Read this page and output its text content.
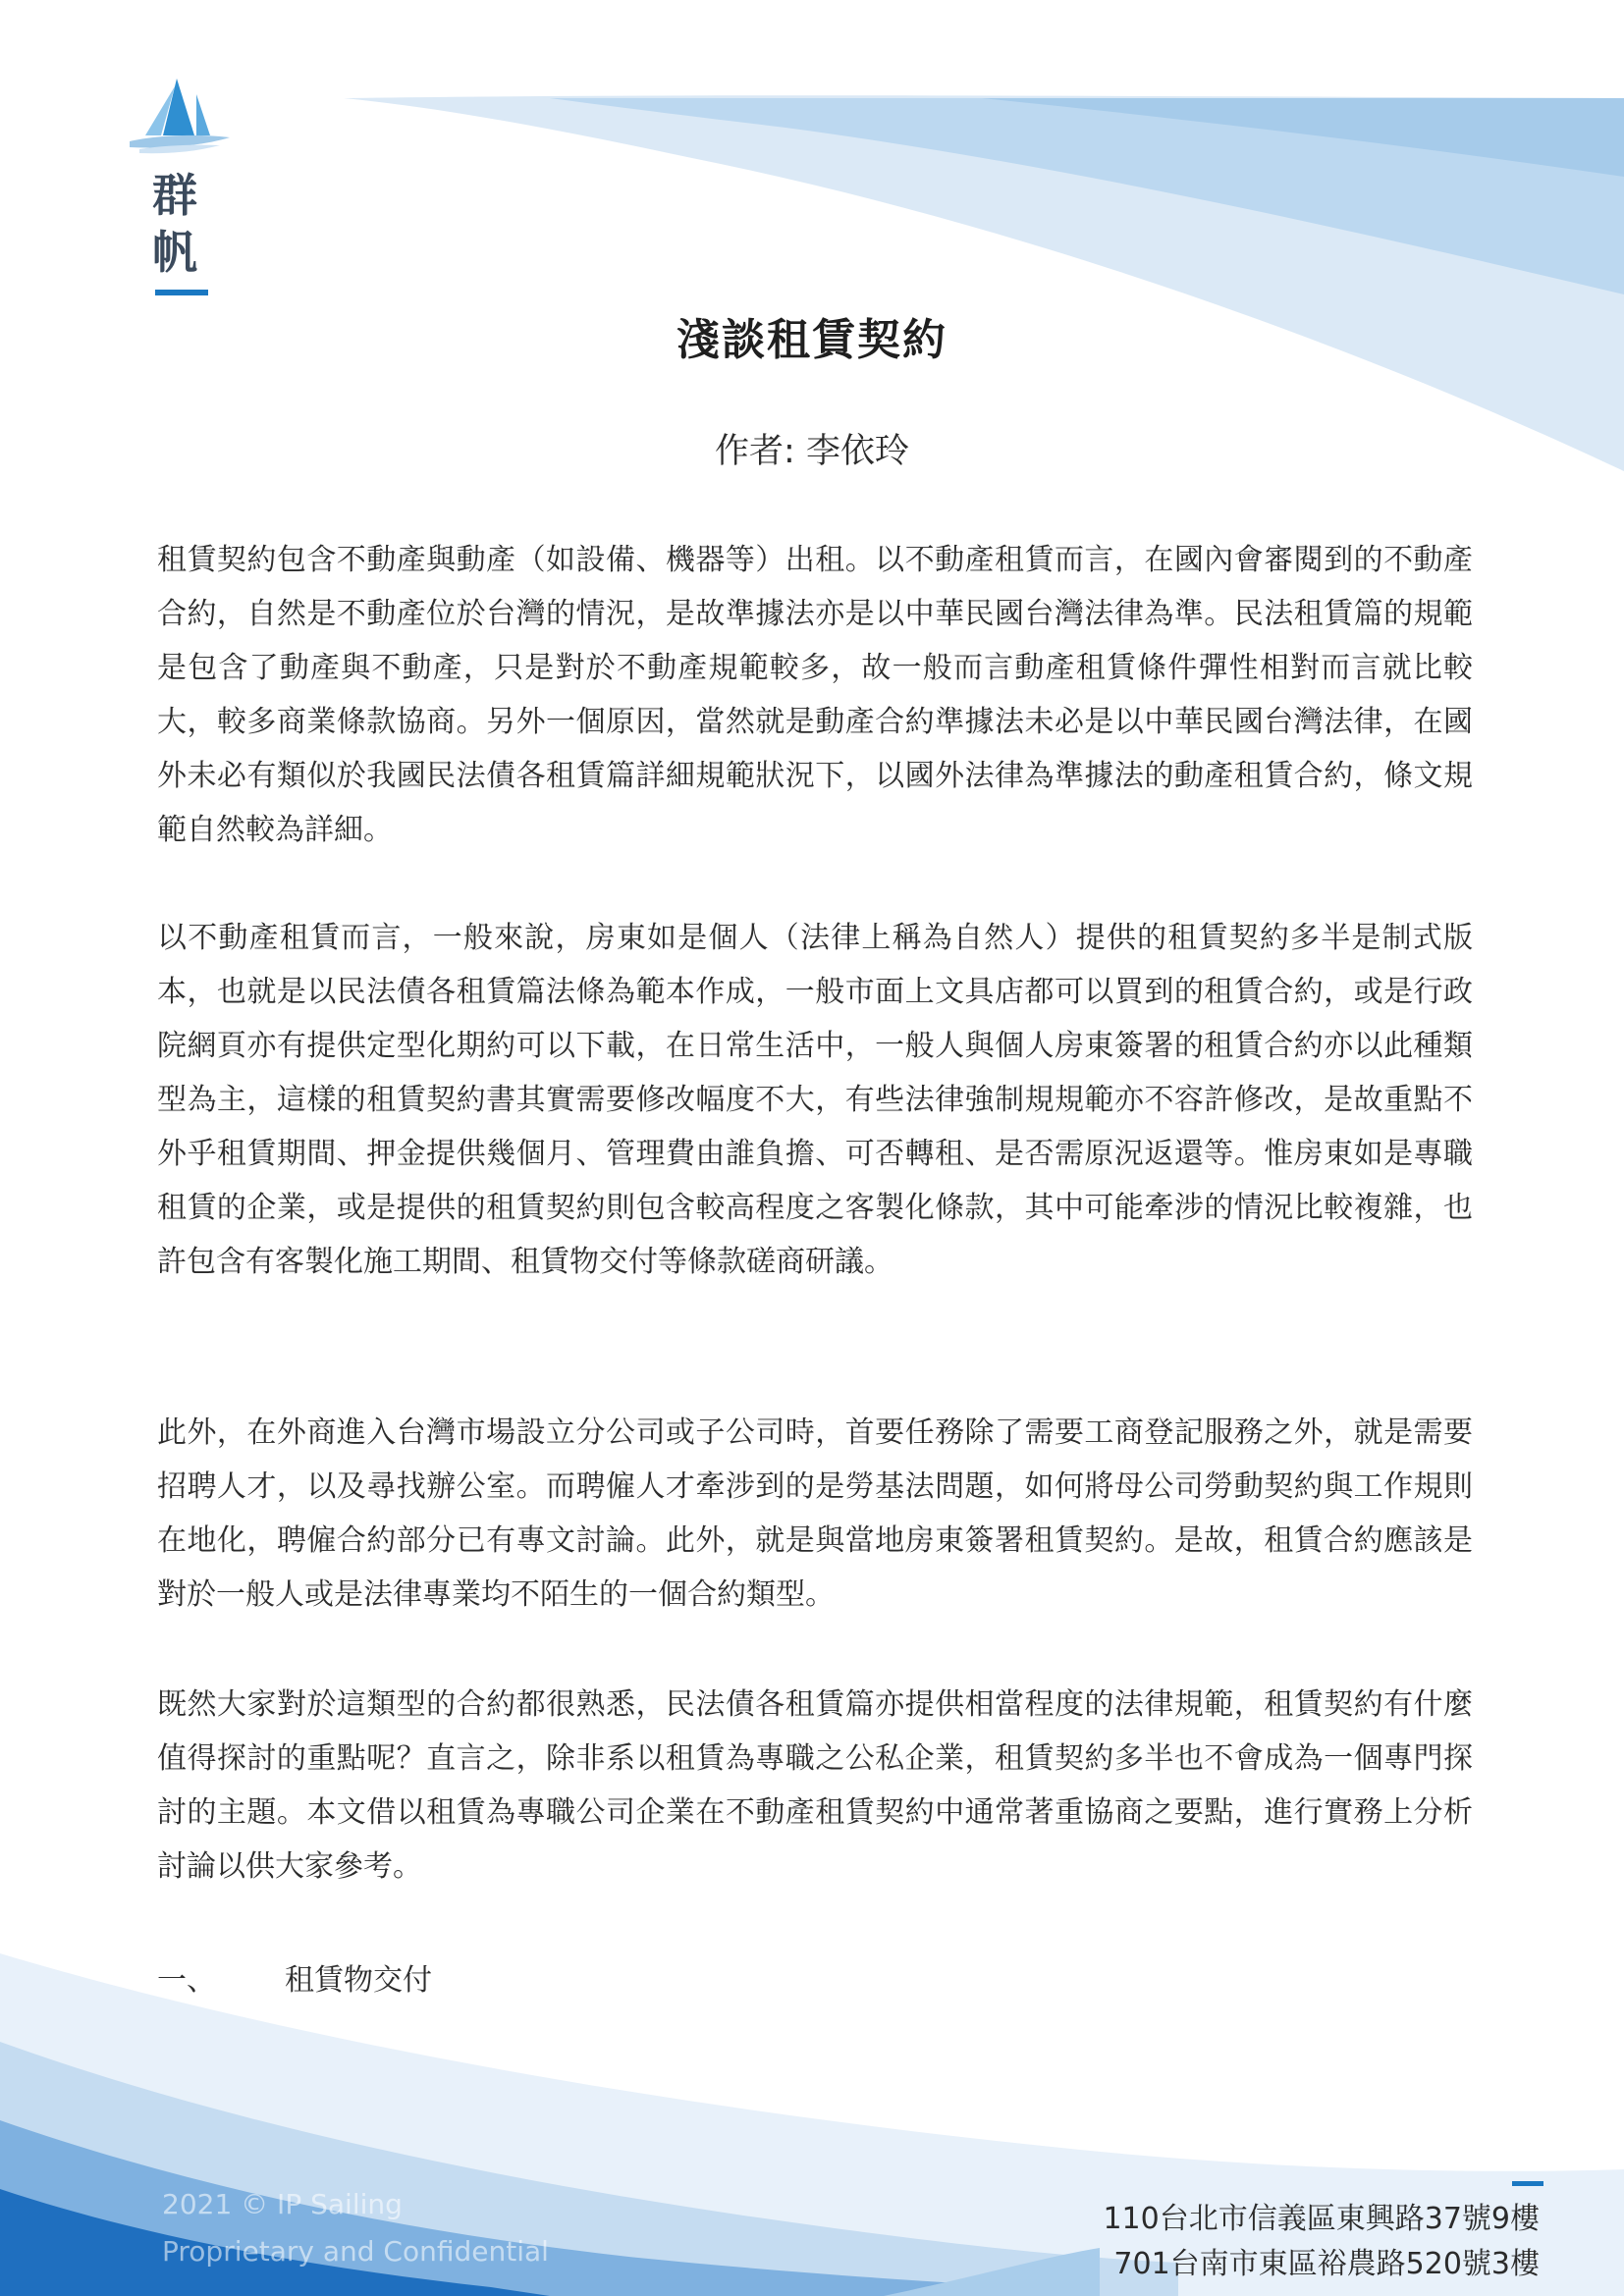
群
帆
淺談租賃契約
作者: 李依玲
租賃契約包含不動產與動產（如設備、機器等）出租。以不動產租賃而言，在國內會審閱到的不動產合約，自然是不動產位於台灣的情況，是故準據法亦是以中華民國台灣法律為準。民法租賃篇的規範是包含了動產與不動產，只是對於不動產規範較多，故一般而言動產租賃條件彈性相對而言就比較大，較多商業條款協商。另外一個原因，當然就是動產合約準據法未必是以中華民國台灣法律，在國外未必有類似於我國民法債各租賃篇詳細規範狀況下，以國外法律為準據法的動產租賃合約，條文規範自然較為詳細。
以不動產租賃而言，一般來說，房東如是個人（法律上稱為自然人）提供的租賃契約多半是制式版本，也就是以民法債各租賃篇法條為範本作成，一般市面上文具店都可以買到的租賃合約，或是行政院網頁亦有提供定型化期約可以下載，在日常生活中，一般人與個人房東簽署的租賃合約亦以此種類型為主，這樣的租賃契約書其實需要修改幅度不大，有些法律強制規規範亦不容許修改，是故重點不外乎租賃期間、押金提供幾個月、管理費由誰負擔、可否轉租、是否需原況返還等。惟房東如是專職租賃的企業，或是提供的租賃契約則包含較高程度之客製化條款，其中可能牽涉的情況比較複雜，也許包含有客製化施工期間、租賃物交付等條款磋商研議。
此外，在外商進入台灣市場設立分公司或子公司時，首要任務除了需要工商登記服務之外，就是需要招聘人才，以及尋找辦公室。而聘僱人才牽涉到的是勞基法問題，如何將母公司勞動契約與工作規則在地化，聘僱合約部分已有專文討論。此外，就是與當地房東簽署租賃契約。是故，租賃合約應該是對於一般人或是法律專業均不陌生的一個合約類型。
既然大家對於這類型的合約都很熟悉，民法債各租賃篇亦提供相當程度的法律規範，租賃契約有什麼值得探討的重點呢？直言之，除非系以租賃為專職之公私企業，租賃契約多半也不會成為一個專門探討的主題。本文借以租賃為專職公司企業在不動產租賃契約中通常著重協商之要點，進行實務上分析討論以供大家參考。
一、 租賃物交付
2021 © IP Sailing
Proprietary and Confidential
110台北市信義區東興路37號9樓
701台南市東區裕農路520號3樓
